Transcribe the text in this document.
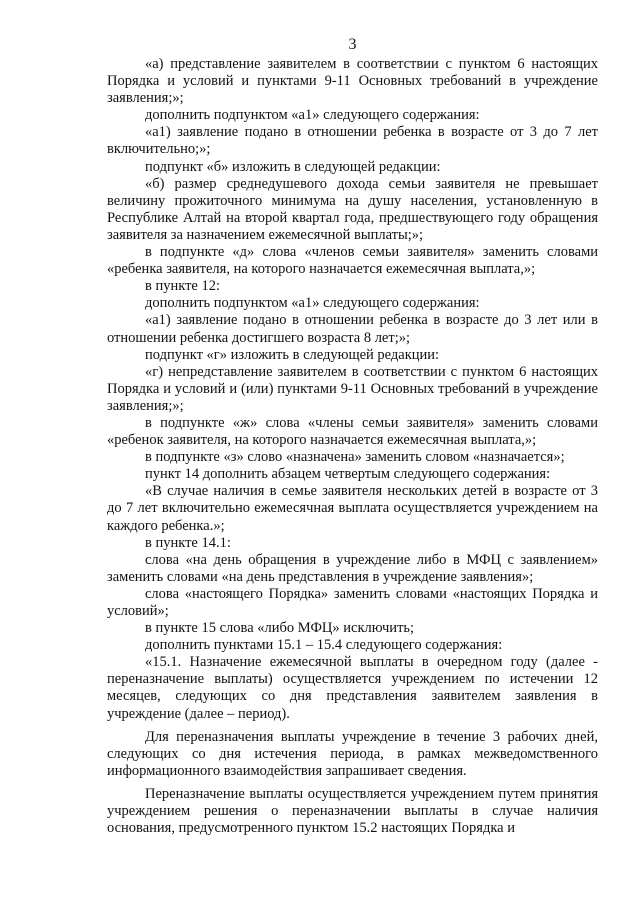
3

«а) представление заявителем в соответствии с пунктом 6 настоящих Порядка и условий и пунктами 9-11 Основных требований в учреждение заявления;»;

дополнить подпунктом «а1» следующего содержания:

«а1) заявление подано в отношении ребенка в возрасте от 3 до 7 лет включительно;»;

подпункт «б» изложить в следующей редакции:

«б) размер среднедушевого дохода семьи заявителя не превышает величину прожиточного минимума на душу населения, установленную в Республике Алтай на второй квартал года, предшествующего году обращения заявителя за назначением ежемесячной выплаты;»;

в подпункте «д» слова «членов семьи заявителя» заменить словами «ребенка заявителя, на которого назначается ежемесячная выплата,»;

в пункте 12:

дополнить подпунктом «а1» следующего содержания:

«а1) заявление подано в отношении ребенка в возрасте до 3 лет или в отношении ребенка достигшего возраста 8 лет;»;

подпункт «г» изложить в следующей редакции:

«г) непредставление заявителем в соответствии с пунктом 6 настоящих Порядка и условий и (или) пунктами 9-11 Основных требований в учреждение заявления;»;

в подпункте «ж» слова «члены семьи заявителя» заменить словами «ребенок заявителя, на которого назначается ежемесячная выплата,»;

в подпункте «з» слово «назначена» заменить словом «назначается»;

пункт 14 дополнить абзацем четвертым следующего содержания:

«В случае наличия в семье заявителя нескольких детей в возрасте от 3 до 7 лет включительно ежемесячная выплата осуществляется учреждением на каждого ребенка.»;

в пункте 14.1:

слова «на день обращения в учреждение либо в МФЦ с заявлением» заменить словами «на день представления в учреждение заявления»;

слова «настоящего Порядка» заменить словами «настоящих Порядка и условий»;

в пункте 15 слова «либо МФЦ» исключить;

дополнить пунктами 15.1 – 15.4 следующего содержания:

«15.1. Назначение ежемесячной выплаты в очередном году (далее - переназначение выплаты) осуществляется учреждением по истечении 12 месяцев, следующих со дня представления заявителем заявления в учреждение (далее – период).

Для переназначения выплаты учреждение в течение 3 рабочих дней, следующих со дня истечения периода, в рамках межведомственного информационного взаимодействия запрашивает сведения.

Переназначение выплаты осуществляется учреждением путем принятия учреждением решения о переназначении выплаты в случае наличия основания, предусмотренного пунктом 15.2 настоящих Порядка и
